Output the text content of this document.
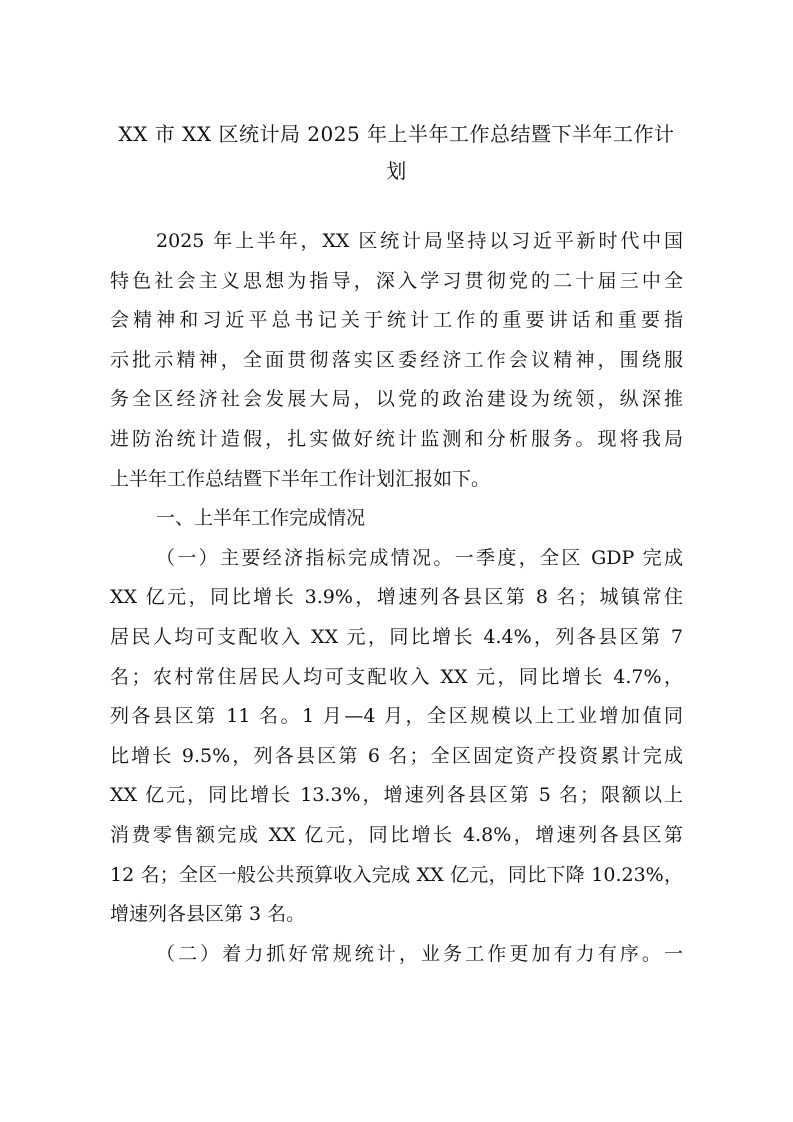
XX 市 XX 区统计局 2025 年上半年工作总结暨下半年工作计
划
2025 年上半年，XX 区统计局坚持以习近平新时代中国
特色社会主义思想为指导，深入学习贯彻党的二十届三中全
会精神和习近平总书记关于统计工作的重要讲话和重要指
示批示精神，全面贯彻落实区委经济工作会议精神，围绕服
务全区经济社会发展大局，以党的政治建设为统领，纵深推
进防治统计造假，扎实做好统计监测和分析服务。现将我局
上半年工作总结暨下半年工作计划汇报如下。
一、上半年工作完成情况
（一）主要经济指标完成情况。一季度，全区 GDP 完成
XX 亿元，同比增长 3.9%，增速列各县区第 8 名；城镇常住
居民人均可支配收入 XX 元，同比增长 4.4%，列各县区第 7
名；农村常住居民人均可支配收入 XX 元，同比增长 4.7%，
列各县区第 11 名。1 月—4 月，全区规模以上工业增加值同
比增长 9.5%，列各县区第 6 名；全区固定资产投资累计完成
XX 亿元，同比增长 13.3%，增速列各县区第 5 名；限额以上
消费零售额完成 XX 亿元，同比增长 4.8%，增速列各县区第
12 名；全区一般公共预算收入完成 XX 亿元，同比下降 10.23%，
增速列各县区第 3 名。
（二）着力抓好常规统计，业务工作更加有力有序。一
